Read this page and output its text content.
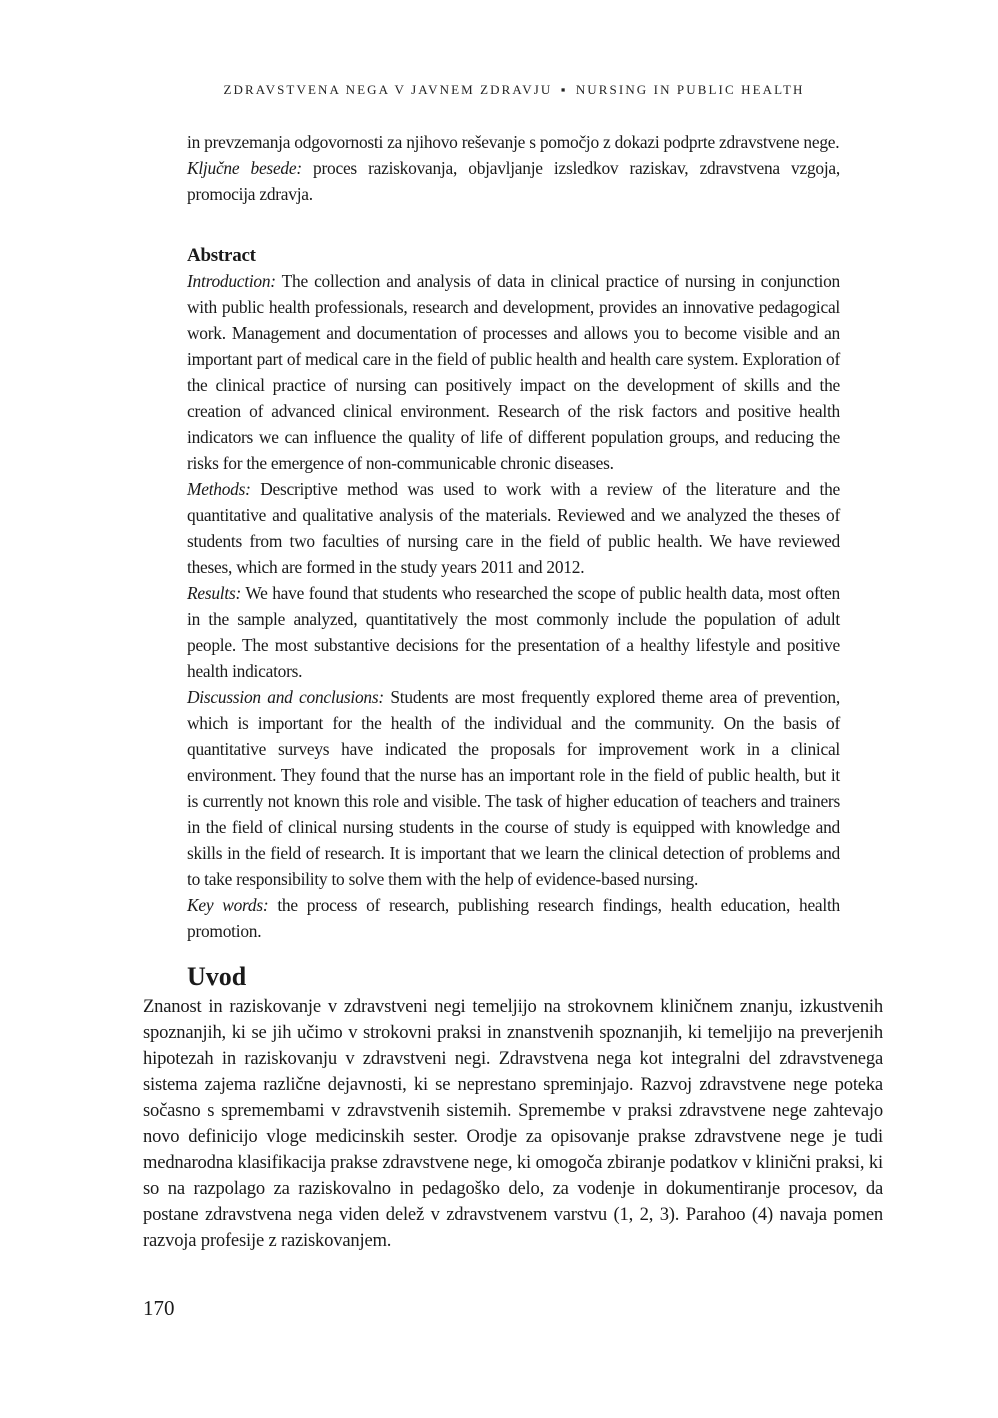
ZDRAVSTVENA NEGA V JAVNEM ZDRAVJU ▪ NURSING IN PUBLIC HEALTH

in prevzemanja odgovornosti za njihovo reševanje s pomočjo z dokazi podprte zdravstvene nege.

Ključne besede: proces raziskovanja, objavljanje izsledkov raziskav, zdravstvena vzgoja, promocija zdravja.

Abstract

Introduction: The collection and analysis of data in clinical practice of nursing in conjunction with public health professionals, research and development, provides an innovative pedagogical work. Management and documentation of processes and allows you to become visible and an important part of medical care in the field of public health and health care system. Exploration of the clinical practice of nursing can positively impact on the development of skills and the creation of advanced clinical environment. Research of the risk factors and positive health indicators we can influence the quality of life of different population groups, and reducing the risks for the emergence of non-communicable chronic diseases.

Methods: Descriptive method was used to work with a review of the literature and the quantitative and qualitative analysis of the materials. Reviewed and we analyzed the theses of students from two faculties of nursing care in the field of public health. We have reviewed theses, which are formed in the study years 2011 and 2012.

Results: We have found that students who researched the scope of public health data, most often in the sample analyzed, quantitatively the most commonly include the population of adult people. The most substantive decisions for the presentation of a healthy lifestyle and positive health indicators.

Discussion and conclusions: Students are most frequently explored theme area of prevention, which is important for the health of the individual and the community. On the basis of quantitative surveys have indicated the proposals for improvement work in a clinical environment. They found that the nurse has an important role in the field of public health, but it is currently not known this role and visible. The task of higher education of teachers and trainers in the field of clinical nursing students in the course of study is equipped with knowledge and skills in the field of research. It is important that we learn the clinical detection of problems and to take responsibility to solve them with the help of evidence-based nursing.

Key words: the process of research, publishing research findings, health education, health promotion.

Uvod

Znanost in raziskovanje v zdravstveni negi temeljijo na strokovnem kliničnem znanju, izkustvenih spoznanjih, ki se jih učimo v strokovni praksi in znanstvenih spoznanjih, ki temeljijo na preverjenih hipotezah in raziskovanju v zdravstveni negi. Zdravstvena nega kot integralni del zdravstvenega sistema zajema različne dejavnosti, ki se neprestano spreminjajo. Razvoj zdravstvene nege poteka sočasno s spremembami v zdravstvenih sistemih. Spremembe v praksi zdravstvene nege zahtevajo novo definicijo vloge medicinskih sester. Orodje za opisovanje prakse zdravstvene nege je tudi mednarodna klasifikacija prakse zdravstvene nege, ki omogoča zbiranje podatkov v klinični praksi, ki so na razpolago za raziskovalno in pedagoško delo, za vodenje in dokumentiranje procesov, da postane zdravstvena nega viden delež v zdravstvenem varstvu (1, 2, 3). Parahoo (4) navaja pomen razvoja profesije z raziskovanjem.

170
